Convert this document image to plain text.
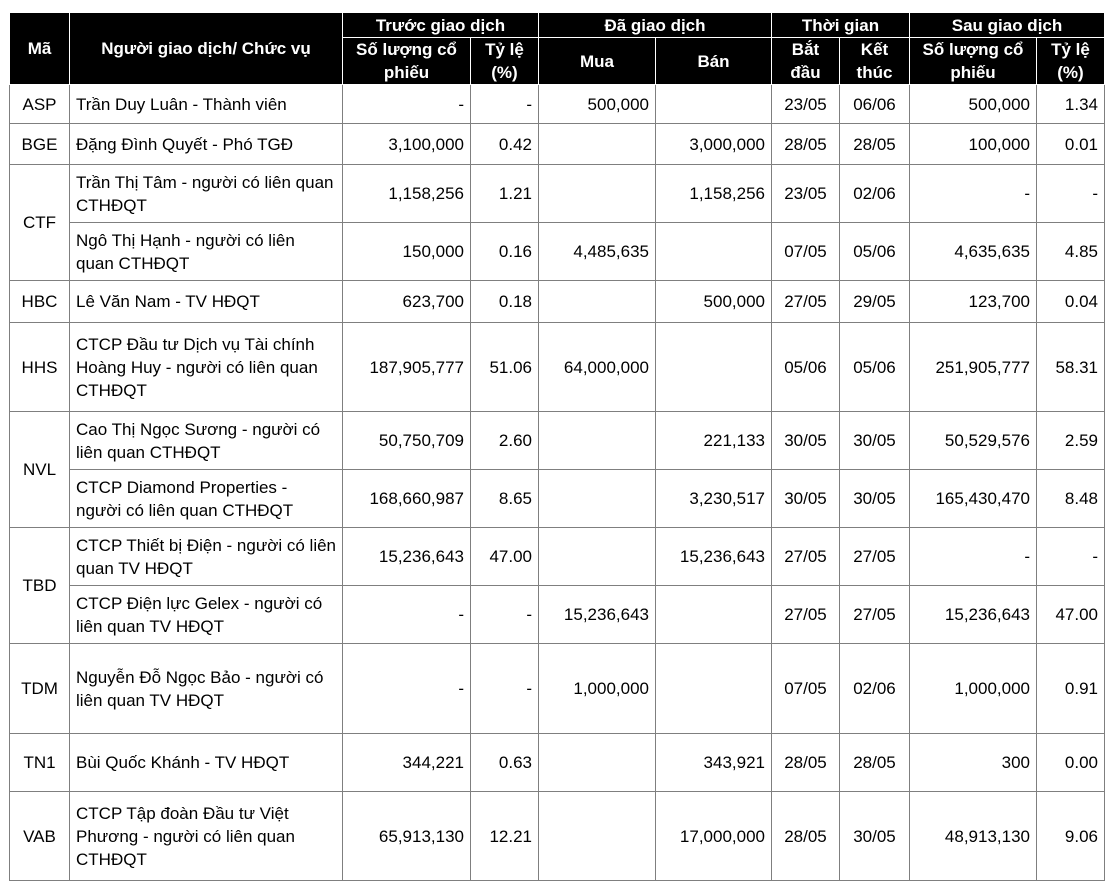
Mã	Người giao dịch/ Chức vụ	Trước giao dịch		Đã giao dịch		Thời gian		Sau giao dịch	
		Số lượng cổ phiếu	Tỷ lệ (%)	Mua	Bán	Bắt đầu	Kết thúc	Số lượng cổ phiếu	Tỷ lệ (%)
ASP	Trần Duy Luân - Thành viên	-	-	500,000		23/05	06/06	500,000	1.34
BGE	Đặng Đình Quyết - Phó TGĐ	3,100,000	0.42		3,000,000	28/05	28/05	100,000	0.01
CTF	Trần Thị Tâm - người có liên quan CTHĐQT	1,158,256	1.21		1,158,256	23/05	02/06	-	-
	Ngô Thị Hạnh - người có liên quan CTHĐQT	150,000	0.16	4,485,635		07/05	05/06	4,635,635	4.85
HBC	Lê Văn Nam - TV HĐQT	623,700	0.18		500,000	27/05	29/05	123,700	0.04
HHS	CTCP Đầu tư Dịch vụ Tài chính Hoàng Huy - người có liên quan CTHĐQT	187,905,777	51.06	64,000,000		05/06	05/06	251,905,777	58.31
NVL	Cao Thị Ngọc Sương - người có liên quan CTHĐQT	50,750,709	2.60		221,133	30/05	30/05	50,529,576	2.59
	CTCP Diamond Properties - người có liên quan CTHĐQT	168,660,987	8.65		3,230,517	30/05	30/05	165,430,470	8.48
TBD	CTCP Thiết bị Điện - người có liên quan TV HĐQT	15,236,643	47.00		15,236,643	27/05	27/05	-	-
	CTCP Điện lực Gelex - người có liên quan TV HĐQT	-	-	15,236,643		27/05	27/05	15,236,643	47.00
TDM	Nguyễn Đỗ Ngọc Bảo - người có liên quan TV HĐQT	-	-	1,000,000		07/05	02/06	1,000,000	0.91
TN1	Bùi Quốc Khánh - TV HĐQT	344,221	0.63		343,921	28/05	28/05	300	0.00
VAB	CTCP Tập đoàn Đầu tư Việt Phương - người có liên quan CTHĐQT	65,913,130	12.21		17,000,000	28/05	30/05	48,913,130	9.06
